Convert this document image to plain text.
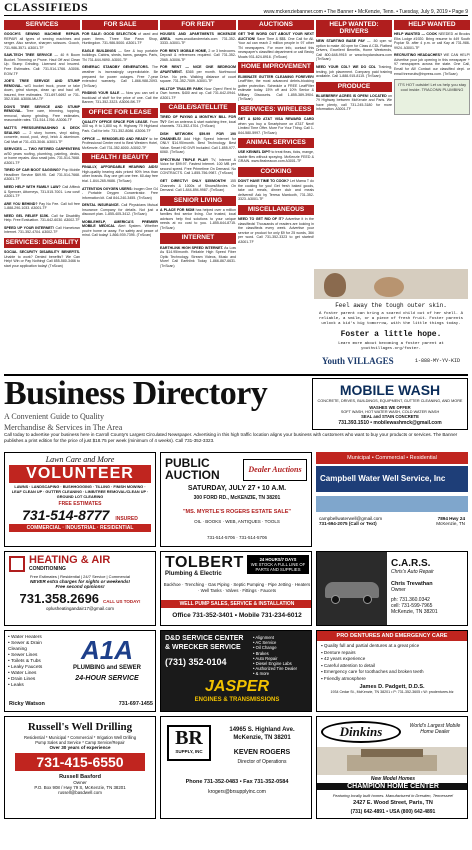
CLASSIFIEDS	www.mckenziebanner.com • The Banner • McKenzie, Tenn. • Tuesday, July 9, 2019 • Page 9
SERVICES
GOOCH'S SEWING MACHINE REPAIR. REPAIR all types of sewing machines and serger. Also service, sharpen scissors. Gooch, 731-986-3571. A3001-TF
SAW-TECH TREE SERVICE — 40 ft Boom Bucket. Trimming or Prune. Haul Off and Clean Up. Stump Grinding. Licensed and Insured. Free Estimates. Call: 731-514-1766. A3006-EOW-TF
JOE'S TREE SERVICE AND STUMP REMOVAL. w/G bucket truck, prune or take down, grind stumps, clean up and haul off, insured, free estimates. 731-697-6692 or 731-352-5168. A3006-MU-TF
DON'S TREE SERVICE AND STUMP REMOVAL. Tree care, trimming, topping, removal, stump grinding. Free estimates, reasonable rates. 731-514-1766. A3006-TF
MATT'S PRESSUREWASHING & DECK SEALING — 2 story homes, vinyl siding, concrete, wood, pool, vinyl, brick & aluminum. Call Matt at 731-433-3046. A3001-TF
SERVICES — TWO RETIRED CARPENTERS w/30 years roofing, plumbing, painting, decks, or home repairs. Also small jobs. 731-514-7668. A3001-TF
TIRED OF CAR BOOT SAGGING? Pop Mobile Headliner Service $69.95. Call 731-514-7668. A3001-TF
NEED HELP WITH FAMILY LAW? Call Affleck & Spencer, Attorneys, 731-515-7001. Low cost! A3001-TF
ARE YOU BEHIND? Pay No Fee. Call toll free 1-888-290-1033. A3001-TF
NEED GEL RELIEF $15K. Call for Disability Help. Free Evaluation. 731-642-6030. A3002-TF
SPEED UP YOUR INTERNET! Call Hometown Internet. 731-352-4704. A3002-TF
SERVICES: DISABILITY
SOCIAL SECURITY DISABILITY BENEFITS. Unable to work? Denied benefits? We Can Help! Win or Pay Nothing! Call 855-580-3466 to start your application today! (TnScan)
FOR SALE
FOR SALE: GOOD SELECTION of used and pawn items. Three Star Pawn Shop, Huntingdon. 731-986-5000. A3001-TF
EAGLE BUILDINGS — See & buy portable buildings. Cabins, sheds, barns, garages. Paris, TN 731-644-9890. A3001-TF
GENERAC STANDBY GENERATORS. The weather is increasingly unpredictable. Be prepared for power outages. Free 7-year extended warranty. Call 1-866-988-2093. (TnScan)
FINDING YOUR SALE — Now you can sell a truckload of stuff for the price of one. Call the Banner, 731-352-3323. A3006-BK-TF
OFFICE FOR LEASE
QUALITY OFFICE SPACE FOR LEASE. From 400 sq. ft to 1,800 sq. ft. Highway 79 Highland Park. Call for info: 731-352-8086. A3006-TF
OFFICE — REMODELED AND READY to be Professional Center next to Best Western Hotel, McKenzie. Call 731-352-6000. A3002-TF
HEALTH / BEAUTY
FINALLY, AFFORDABLE HEARING AIDS! High-quality hearing aids priced 90% less than other brands. Buy one get one free. 60-day free trial. 1-844-265-9686. (TnScan)
ATTENTION OXYGEN USERS: Inogen One G4 - Portable Oxygen Concentrator. Free information kit. Call 844-240-3455. (TnScan)
DENTAL INSURANCE. Call Physicians Mutual Insurance Company for details. Not just a discount plan. 1-855-405-3412. (TnScan)
MOBILEHELP, AMERICA'S PREMIER MOBILE MEDICAL Alert System. Whether you're home or away. For safety and peace of mind. Call today! 1-866-939-7395. (TnScan)
FOR RENT
HOUSES AND APARTMENTS MCKENZIE AREA. www.woodlandrentals.com 731-352-3333. A3001-TF
FOR RENT: MOBILE HOME, 2 or 3 bedrooms. Deposit & references required. Call 731-352-2565. A3006-TF
FOR RENT — NICE ONE BEDROOM APARTMENT. $365 per month. Northwood Drive. No pets. Walking distance of court square. 731-352-7009. A3001-TF
HILLTOP TRAILER PARK Now Open! Rent to Own homes. $400 and up. Call 731-642-0944. A3001-TF
CABLE/SATELLITE
TIRED OF PAYING A MONTHLY BILL FOR TV? Get an antenna & start watching free, local channels. 731-352-4704. (TnScan)
DISH NETWORK $59.99 FOR 190 CHANNELS! Add High Speed Internet for ONLY $14.95/month. Best Technology. Best Value. Smart HD DVR Included. Call 1-855-977-6060. (TnScan)
SPECTRUM TRIPLE PLAY! TV, Internet & Voice for $99.97. Fastest Internet. 100 MB per second speed. Free Primetime On Demand. No CONTRACTS. Call 1-855-756-9987. (TnScan)
GET DIRECTV! ONLY $35/MONTH! 155 Channels & 1000s of Shows/Movies On Demand. Call 1-844-894-9987. (TnScan)
SENIOR LIVING
A PLACE FOR MOM has helped over a million families find senior living. Our trusted, local advisors help find solutions to your unique needs at no cost to you. 1-855-644-8715. (TnScan)
INTERNET
EARTHLINK HIGH SPEED INTERNET. As Low As $14.95/month. Reliable High Speed Fiber Optic Technology. Stream Videos, Music and More! Call Earthlink Today 1-866-867-6631. (TnScan)
AUCTIONS
GET THE WORD OUT ABOUT YOUR NEXT AUCTION! Save Time & $$$. One Call for All. Your ad can reach 2 million people in 97 other TN newspapers. For more info, contact this newspaper's classified department or call Becky Moats 931-624-8916. (TnScan)
HOME IMPROVEMENT
ELIMINATE GUTTER CLEANING FOREVER! LeafFilter, the most advanced debris-blocking gutter protection. Schedule a FREE LeafFilter estimate today. 15% off and 10% Senior & Military Discounts. Call 1-855-389-3904. (TnScan)
SERVICES: WIRELESS
GET A $250 AT&T VISA REWARD CARD when you buy a Smartphone on AT&T Next! Limited Time Offer. More For Your Thing. Call 1-844-580-5997. (TnScan)
ANIMAL SERVICES
USE KENNEL DIP® to treat fleas, ticks, mange, stable flies without spraying. McKenzie FEED & GRAIN. www.fleabeacon.com A3001-TF
COOKING
DON'T HAVE TIME TO COOK? Let Mama T do the cooking for you! Get fresh baked goods, take out meals, dinner club and meals delivered! Ask by Teresa Mantooth, 731-352-3323. A3001-TF
MISCELLANEOUS
NEED TO GET RID OF IT? Advertise it in the classifieds! Thousands of readers are looking in the classifieds every week. Advertise your service or product for only $9 for 25 words, 36¢ per word. Call 731-352-3323 to get started! A3001-TF
HELP WANTED: DRIVERS
NEW STARTING BASE PAY — .50 cpm w/ option to make .60 cpm for Class A CDL Flatbed Drivers, Excellent Benefits, Home Weekends, Call 800-648-9915 or www.boydandsons.com (TnScan)
NEED YOUR CDL? WE DO CDL Training, testing, job placement. Company paid training available. Call 1-888-915-8115. (TnScan)
PRODUCE
BLUEBERRY ACRES IS OPEN! LOCATED on 79 Highway between McKenzie and Paris. We have plenty, call 731-245-3180 for more information. A3001-TF
HELP WANTED
HELP WANTED — COOK NEEDED at Brooks Elks Lodge #1920. Bring resume to 449 South Poplar St. after 4 p.m. or call Kay at 731-986-9924. A3001-TF
RECRUITING HEADACHES? WE CAN HELP! Advertise your job opening in this newspaper + 97 newspapers across the state. One Call, Email for All! Contact our classified dept. or email tnrecruits@tnpress.com. (TnScan)
IT'S HOT outside! Let us help you stay cool inside. TRACONN PLUMBING
Feel away the tough outer skin.
A foster parent can bring a scared child out of her shell. A reliable, a smile, or a piece of fresh fruit. Foster parents unlock a kid's big tomorrow, with the little things today.
Foster a little hope.
Learn more about becoming a foster parent at youthvillages.org/foster.
Youth VILLAGES	1-888-MY-YV-KID
Business Directory
A Convenient Guide to Quality
Merchandise & Services in The Area
MOBILE WASH
CONCRETE, DRIVES, BUILDINGS, EQUIPMENT, GUTTER CLEANING, AND MORE
WASHES WE OFFER
SOFT WASH, HOT WATER WASH, COLD WATER WASH
SEAL and STAIN CONCRETE
731.393.1510 • mobilewashmck@gmail.com
Call today to advertise your business here in Carroll County's Largest Circulated Newspaper. Advertising in this high traffic location aligns your business with customers who want to buy your products or services. The Banner publishes a print edition for the price of just $18.75 per week (minimum of 4 weeks). Call 731-352-3323.
Lawn Care and More
VOLUNTEER
LAWNS · LANDSCAPING · BUSHHOGGING · TILLING · FINISH MOWING · LEAF CLEAN UP · GUTTER CLEANING · LIMB/TREE REMOVAL/CLEAN UP · GROUND LOT CLEARING
FREE ESTIMATES
731-514-8777 INSURED
COMMERCIAL · INDUSTRIAL · RESIDENTIAL
PUBLIC AUCTION	Dealer Auctions
SATURDAY, JULY 27 • 10 A.M.
300 FORD RD., McKENZIE, TN 38201
"MS. MYRTLE'S ROGERS ESTATE SALE"
OIL · BOOKS · WEB, ANTIQUES · TOOLS
731-514-5706 · 731-514-5706
Municipal • Commercial • Residential
Campbell Water Well Service, Inc
campbellwaterwell@gmail.com	7894 Hwy 24
731-694-2075 (Call or Text)	McKenzie, TN
HEATING & AIR
CONDITIONING
Free Estimates | Residential | 24/7 Service | Commercial
NEVER extra charges for nights or weekends!
Free second opinions!
731.358.2696 CALL US TODAY!
oplusheatingandair17@gmail.com
TOLBERT
Plumbing & Electric
24 HOURS/7 DAYS
WE STOCK A FULL LINE OF PARTS AND SUPPLIES
Backhoe · Trenching · Gas Piping · Septic Pumping · Pipe Jetting · Heaters · Well Tanks · Valves · Fittings · Faucets
WELL PUMP SALES, SERVICE & INSTALLATION
Office 731-352-3401 • Mobile 731-234-6012
C.A.R.S.
Chris's Auto Repair
Chris Trevathan
Owner
ph: 731.360.0342
cell: 731-599-7965
McKenzie, TN 38201
• Water Heaters
• Sewer & Drain Cleaning
• Sewer Lines
• Toilets & Tubs
• Leaky Faucets
• Water Lines
• Drain Lines
• Leaks
A1A
PLUMBING and SEWER
24-HOUR SERVICE
Ricky Watson	731-697-1455
D&D SERVICE CENTER
& WRECKER SERVICE
(731) 352-0104
• Alignment
• AC Service
• Oil Change
• Brakes
• Auto Repair
• Diesel Engine Labs
• Authorized Tire Dealer
• & more
JASPER
ENGINES & TRANSMISSIONS
PRO DENTURES AND EMERGENCY CARE
▪ Quality full and partial dentures at a great price
▪ Denture repairs
▪ 42 years experience
▪ Careful attention to detail
▪ Emergency care for toothaches and broken teeth
▪ Friendly atmosphere
James D. Padgett, D.D.S.
1934 Cedar St., McKenzie, TN 38201 • P: 731-352-3605 • W: prodentures.biz
Russell's Well Drilling
Residential * Municipal * Commercial * Irrigation Well Drilling
Pump Sales and Service * Camp Service/Repair
Over 30 years of experience
731-415-6550
Russell Basford
Owner
P.O. Box 908 / Hwy 79 S, McKenzie, TN 38201
russell@basdwell.com
BR
SUPPLY, INC
14965 S. Highland Ave.
McKenzie, TN 38201
KEVEN ROGERS
Director of Operations
Phone 731-352-0483 • Fax 731-352-0584
krogers@brsupplyinc.com
Dinkins	World's Largest Mobile Home Dealer
New Model Homes
CHAMPION HOME CENTER
Featuring locally built homes. Manufactured in Dresden, Tennessee!
2427 E. Wood Street, Paris, TN
(731) 642-4891 • USA (800) 642-4891
